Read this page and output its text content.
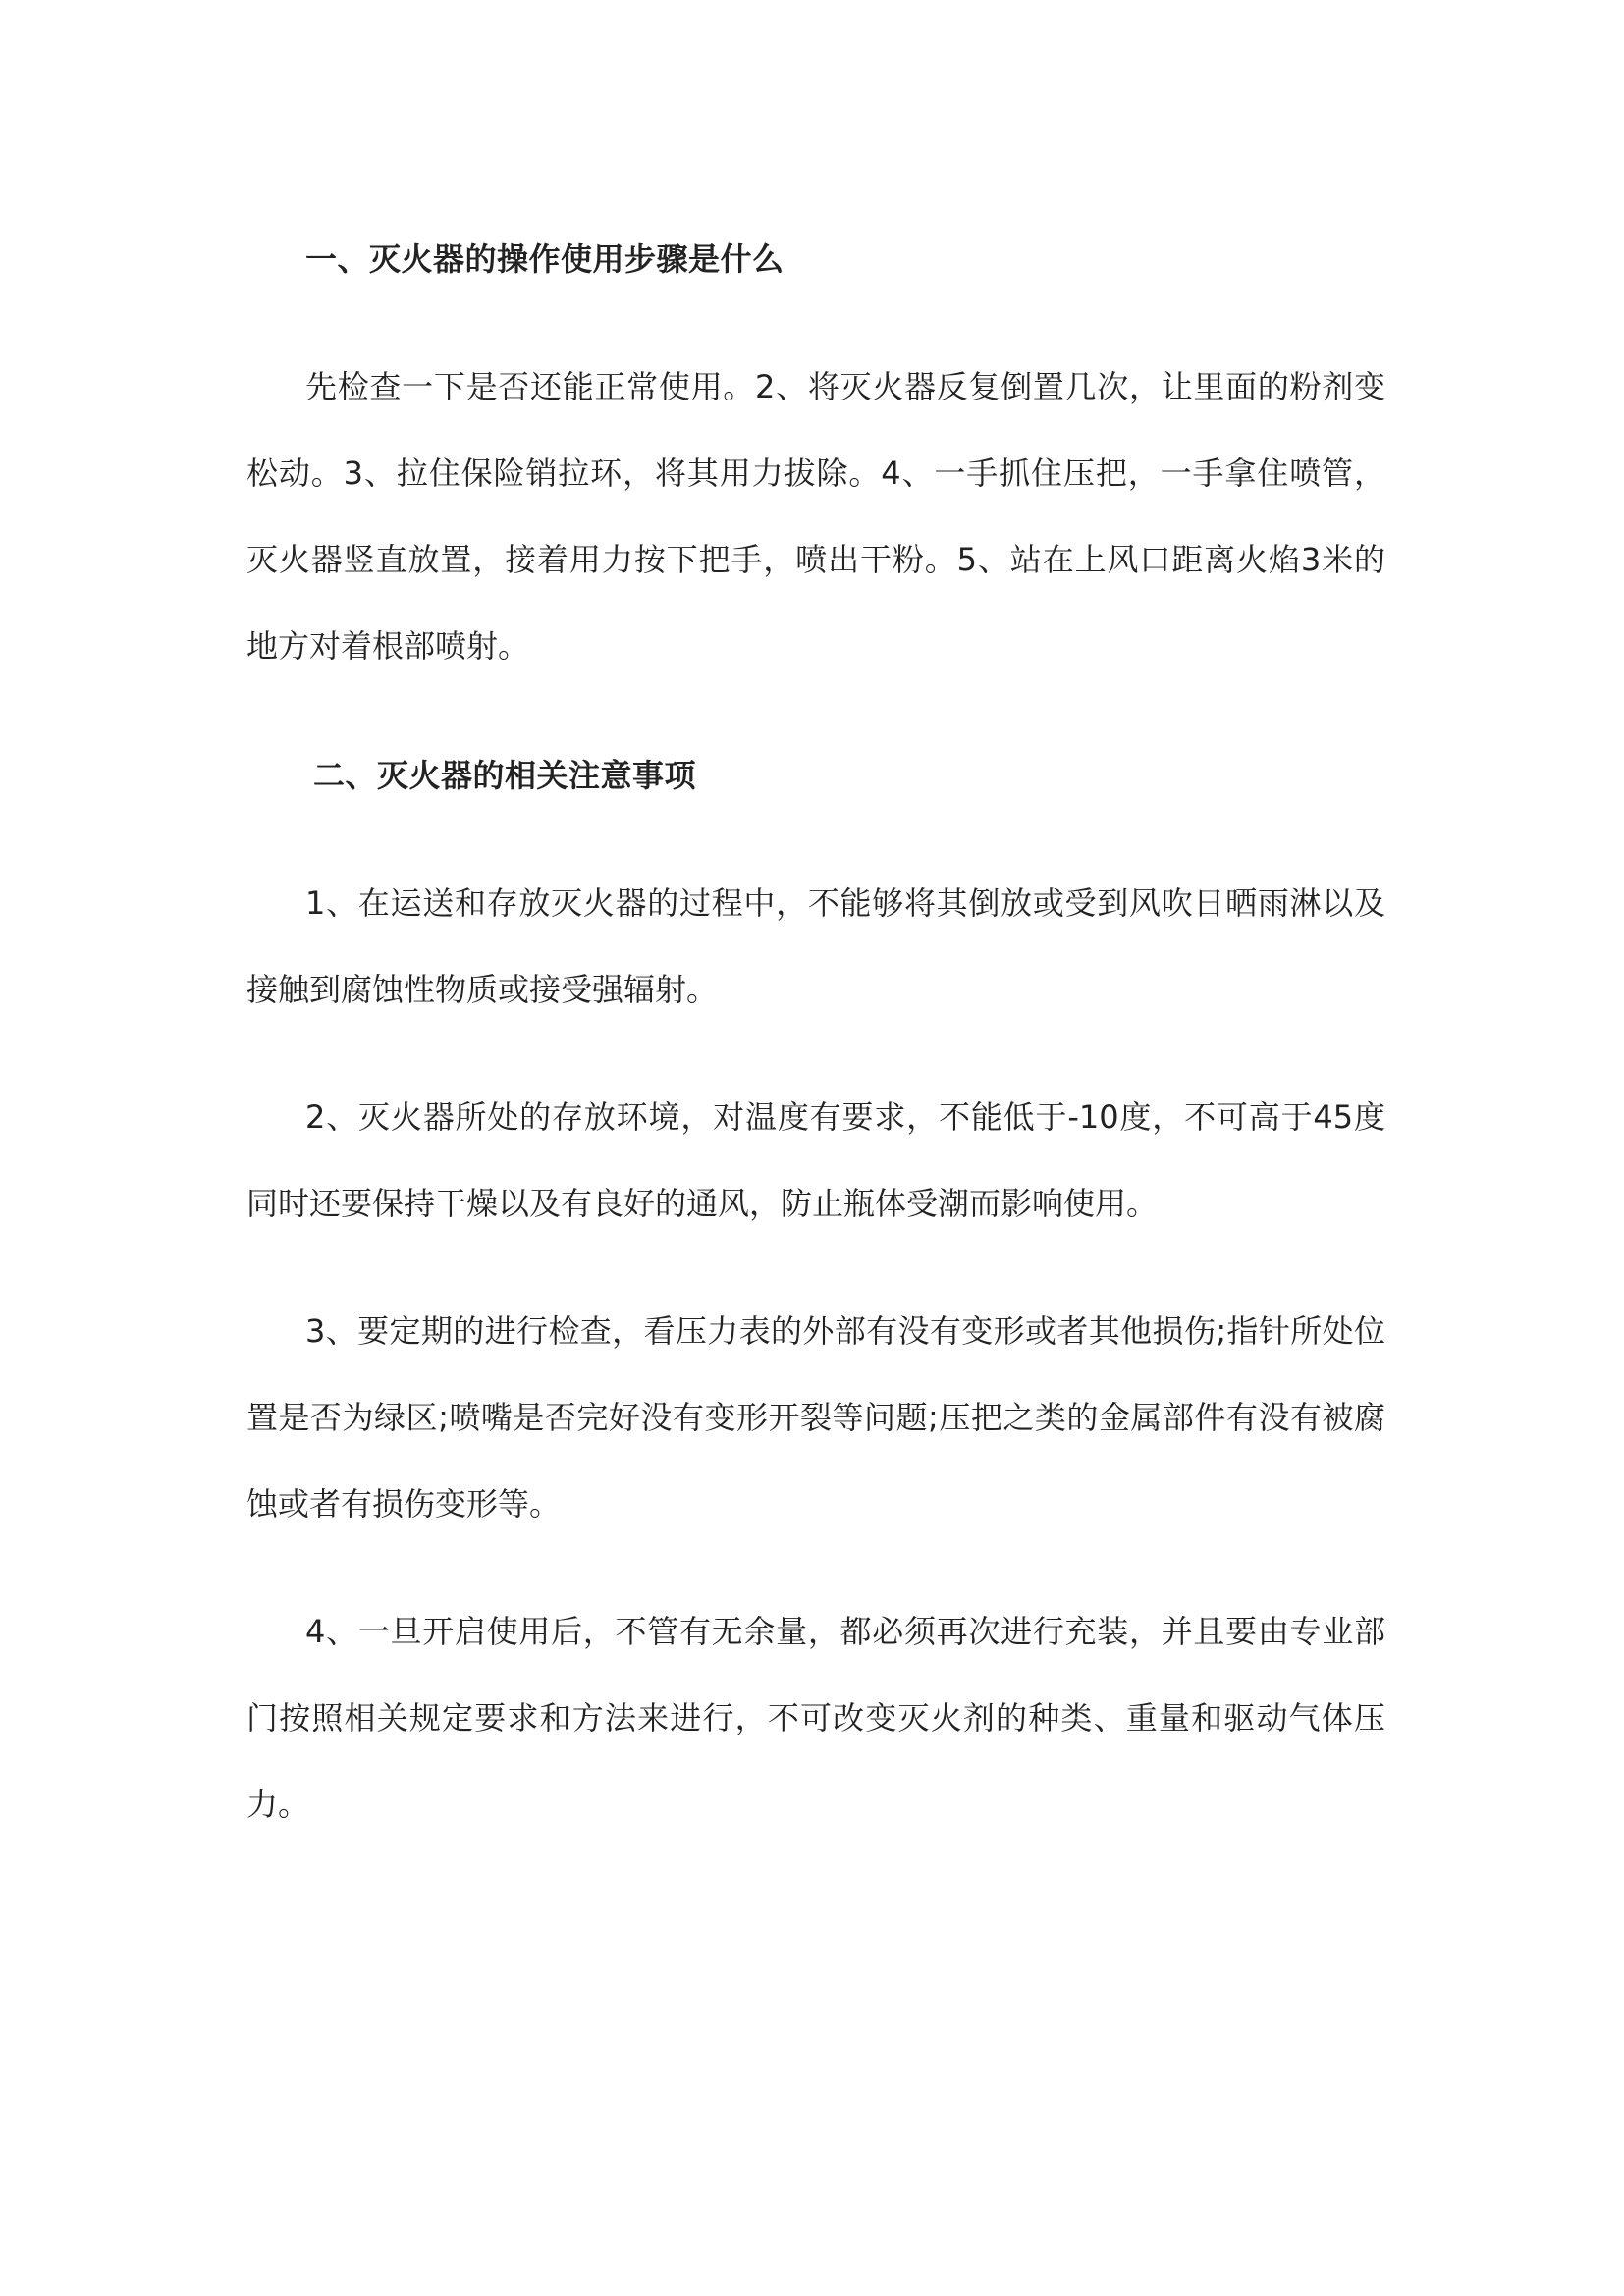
一、灭火器的操作使用步骤是什么

先检查一下是否还能正常使用。2、将灭火器反复倒置几次，让里面的粉剂变松动。3、拉住保险销拉环，将其用力拔除。4、一手抓住压把，一手拿住喷管，灭火器竖直放置，接着用力按下把手，喷出干粉。5、站在上风口距离火焰3米的地方对着根部喷射。

二、灭火器的相关注意事项

1、在运送和存放灭火器的过程中，不能够将其倒放或受到风吹日晒雨淋以及接触到腐蚀性物质或接受强辐射。

2、灭火器所处的存放环境，对温度有要求，不能低于-10度，不可高于45度同时还要保持干燥以及有良好的通风，防止瓶体受潮而影响使用。

3、要定期的进行检查，看压力表的外部有没有变形或者其他损伤;指针所处位置是否为绿区;喷嘴是否完好没有变形开裂等问题;压把之类的金属部件有没有被腐蚀或者有损伤变形等。

4、一旦开启使用后，不管有无余量，都必须再次进行充装，并且要由专业部门按照相关规定要求和方法来进行，不可改变灭火剂的种类、重量和驱动气体压力。
